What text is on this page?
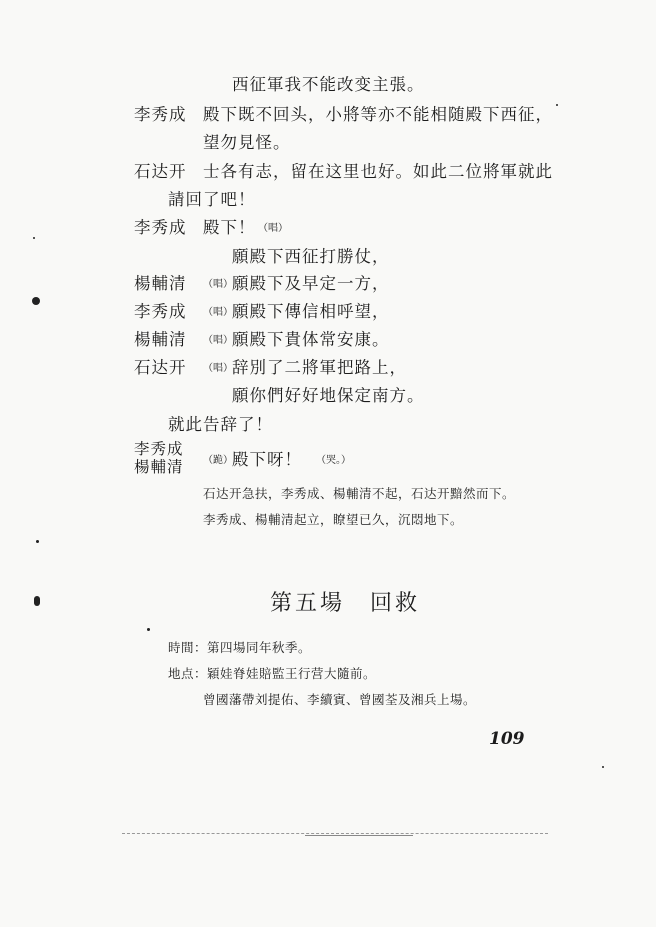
西征軍我不能改变主張。
李秀成 殿下既不回头，小將等亦不能相随殿下西征，
望勿見怪。
石达开 士各有志，留在这里也好。如此二位將軍就此
請回了吧！
李秀成 殿下！ （唱）
願殿下西征打勝仗，
楊輔清 （唱） 願殿下及早定一方，
李秀成 （唱） 願殿下傳信相呼望，
楊輔清 （唱） 願殿下貴体常安康。
石达开 （唱） 辞別了二將軍把路上，
願你們好好地保定南方。
就此告辞了！
李秀成
楊輔清 （跪） 殿下呀！ （哭。）
石达开急扶，李秀成、楊輔清不起，石达开黯然而下。
李秀成、楊輔清起立，瞭望已久，沉悶地下。
第五場　回救
時間： 第四場同年秋季。
地点： 穎娃脊娃賠監王行营大隨前。
曾國藩帶刘提佑、李續賓、曾國荃及湘兵上場。
109
